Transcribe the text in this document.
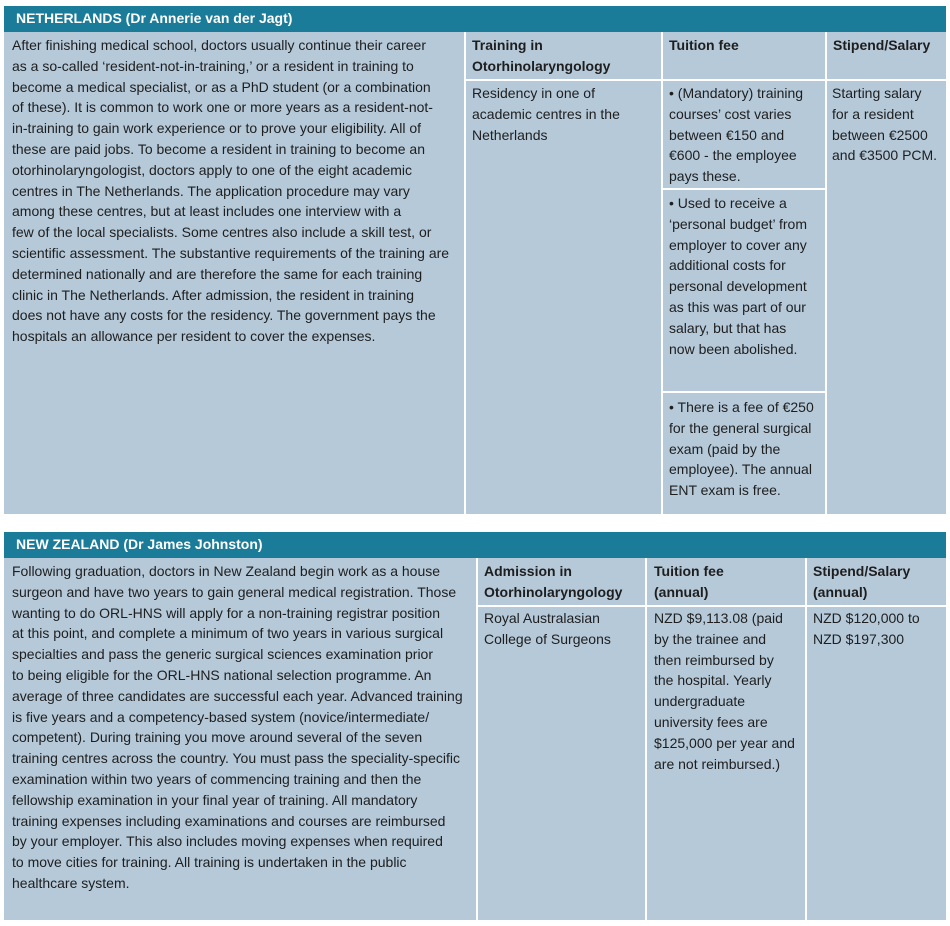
NETHERLANDS (Dr Annerie van der Jagt)
After finishing medical school, doctors usually continue their career
as a so-called ‘resident-not-in-training,’ or a resident in training to
become a medical specialist, or as a PhD student (or a combination
of these). It is common to work one or more years as a resident-not-
in-training to gain work experience or to prove your eligibility. All of
these are paid jobs. To become a resident in training to become an
otorhinolaryngologist, doctors apply to one of the eight academic
centres in The Netherlands. The application procedure may vary
among these centres, but at least includes one interview with a
few of the local specialists. Some centres also include a skill test, or
scientific assessment. The substantive requirements of the training are
determined nationally and are therefore the same for each training
clinic in The Netherlands. After admission, the resident in training
does not have any costs for the residency. The government pays the
hospitals an allowance per resident to cover the expenses.
Training in
Otorhinolaryngology
Residency in one of
academic centres in the
Netherlands
Tuition fee
• (Mandatory) training
courses’ cost varies
between €150 and
€600 - the employee
pays these.
• Used to receive a
‘personal budget’ from
employer to cover any
additional costs for
personal development
as this was part of our
salary, but that has
now been abolished.
• There is a fee of €250
for the general surgical
exam (paid by the
employee). The annual
ENT exam is free.
Stipend/Salary
Starting salary
for a resident
between €2500
and €3500 PCM.
NEW ZEALAND (Dr James Johnston)
Following graduation, doctors in New Zealand begin work as a house
surgeon and have two years to gain general medical registration. Those
wanting to do ORL-HNS will apply for a non-training registrar position
at this point, and complete a minimum of two years in various surgical
specialties and pass the generic surgical sciences examination prior
to being eligible for the ORL-HNS national selection programme. An
average of three candidates are successful each year. Advanced training
is five years and a competency-based system (novice/intermediate/
competent). During training you move around several of the seven
training centres across the country. You must pass the speciality-specific
examination within two years of commencing training and then the
fellowship examination in your final year of training. All mandatory
training expenses including examinations and courses are reimbursed
by your employer. This also includes moving expenses when required
to move cities for training. All training is undertaken in the public
healthcare system.
Admission in
Otorhinolaryngology
Royal Australasian
College of Surgeons
Tuition fee
(annual)
NZD $9,113.08 (paid
by the trainee and
then reimbursed by
the hospital. Yearly
undergraduate
university fees are
$125,000 per year and
are not reimbursed.)
Stipend/Salary
(annual)
NZD $120,000 to
NZD $197,300
